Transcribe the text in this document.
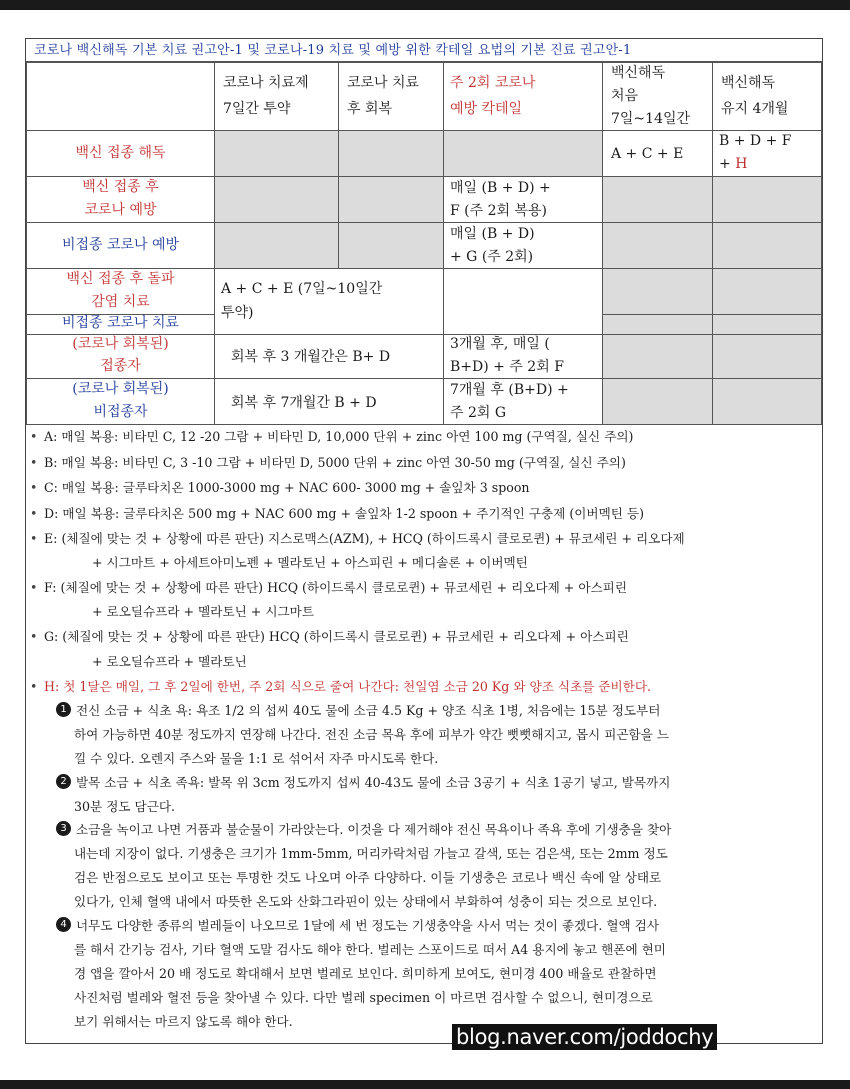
코로나 백신해독 기본 치료 권고안-1 및 코로나-19 치료 및 예방 위한 칵테일 요법의 기본 진료 권고안-1
코로나 치료제
7일간 투약
코로나 치료
후 회복
주 2회 코로나
예방 칵테일
백신해독
처음
7일~14일간
백신해독
유지 4개월
백신 접종 해독	A + C + E
B + D + F
+ H
백신 접종 후
코로나 예방
매일 (B + D) +
F (주 2회 복용)
비접종 코로나 예방
매일 (B + D)
+ G (주 2회)
백신 접종 후 돌파
감염 치료
비접종 코로나 치료
A + C + E (7일~10일간
투약)
(코로나 회복된)
접종자
회복 후 3 개월간은 B+ D
3개월 후, 매일 (
B+D) + 주 2회 F
(코로나 회복된)
비접종자
회복 후 7개월간 B + D
7개월 후 (B+D) +
주 2회 G
• A: 매일 복용: 비타민 C, 12 -20 그람 + 비타민 D, 10,000 단위 + zinc 아연 100 mg (구역질, 실신 주의)
• B: 매일 복용: 비타민 C, 3 -10 그람 + 비타민 D, 5000 단위 + zinc 아연 30-50 mg (구역질, 실신 주의)
• C: 매일 복용: 글루타치온 1000-3000 mg + NAC 600- 3000 mg + 솔잎차 3 spoon
• D: 매일 복용: 글루타치온 500 mg + NAC 600 mg + 솔잎차 1-2 spoon + 주기적인 구충제 (이버멕틴 등)
• E: (체질에 맞는 것 + 상황에 따른 판단) 지스로맥스(AZM), + HCQ (하이드록시 클로로퀸) + 뮤코세린 + 리오다제
+ 시그마트 + 아세트아미노펜 + 멜라토닌 + 아스피린 + 메디솔론 + 이버멕틴
• F: (체질에 맞는 것 + 상황에 따른 판단) HCQ (하이드록시 클로로퀸) + 뮤코세린 + 리오다제 + 아스피린
+ 로오딜슈프라 + 멜라토닌 + 시그마트
• G: (체질에 맞는 것 + 상황에 따른 판단) HCQ (하이드록시 클로로퀸) + 뮤코세린 + 리오다제 + 아스피린
+ 로오딜슈프라 + 멜라토닌
• H: 첫 1달은 매일, 그 후 2일에 한번, 주 2회 식으로 줄여 나간다: 천일염 소금 20 Kg 와 양조 식초를 준비한다.
1 전신 소금 + 식초 욕: 욕조 1/2 의 섭씨 40도 물에 소금 4.5 Kg + 양조 식초 1병, 처음에는 15분 정도부터
하여 가능하면 40분 정도까지 연장해 나간다. 전진 소금 목욕 후에 피부가 약간 뻣뻣해지고, 몹시 피곤함을 느
낄 수 있다. 오렌지 주스와 물을 1:1 로 섞어서 자주 마시도록 한다.
2 발목 소금 + 식초 족욕: 발목 위 3cm 정도까지 섭씨 40-43도 물에 소금 3공기 + 식초 1공기 넣고, 발목까지
30분 정도 담근다.
3 소금을 녹이고 나면 거품과 불순물이 가라앉는다. 이것을 다 제거해야 전신 목욕이나 족욕 후에 기생충을 찾아
내는데 지장이 없다. 기생충은 크기가 1mm-5mm, 머리카락처럼 가늘고 갈색, 또는 검은색, 또는 2mm 정도
검은 반점으로도 보이고 또는 투명한 것도 나오며 아주 다양하다. 이들 기생충은 코로나 백신 속에 알 상태로
있다가, 인체 혈액 내에서 따뜻한 온도와 산화그라핀이 있는 상태에서 부화하여 성충이 되는 것으로 보인다.
4 너무도 다양한 종류의 벌레들이 나오므로 1달에 세 번 정도는 기생충약을 사서 먹는 것이 좋겠다. 혈액 검사
를 해서 간기능 검사, 기타 혈액 도말 검사도 해야 한다. 벌레는 스포이드로 떠서 A4 용지에 놓고 핸폰에 현미
경 앱을 깔아서 20 배 정도로 확대해서 보면 벌레로 보인다. 희미하게 보여도, 현미경 400 배율로 관찰하면
사진처럼 벌레와 혈전 등을 찾아낼 수 있다. 다만 벌레 specimen 이 마르면 검사할 수 없으니, 현미경으로
보기 위해서는 마르지 않도록 해야 한다.
blog.naver.com/joddochy
